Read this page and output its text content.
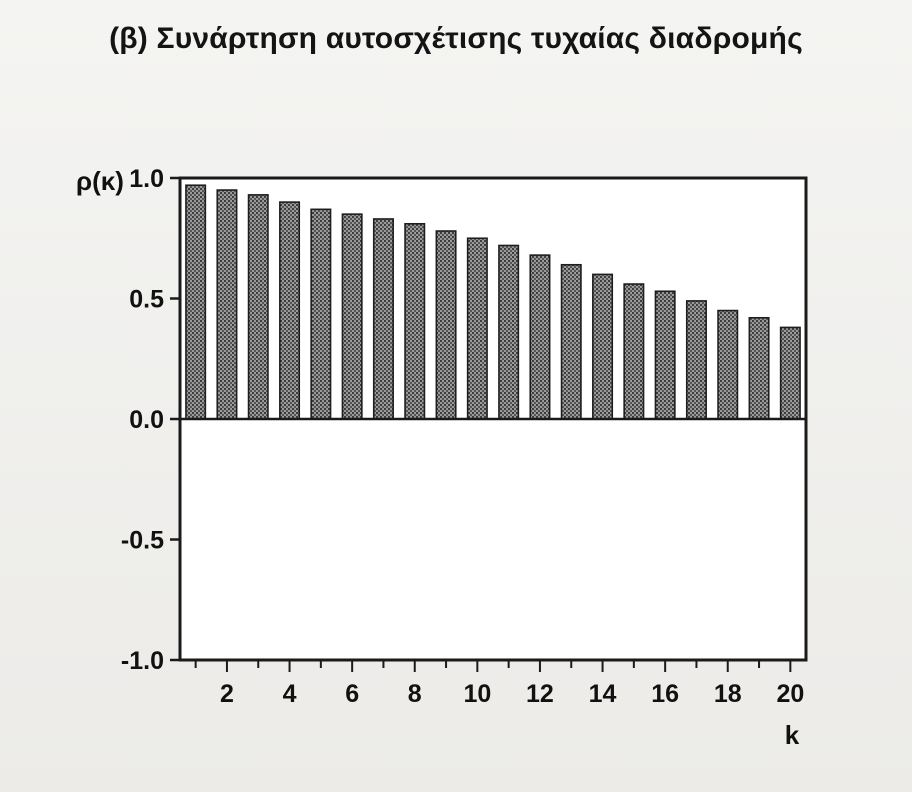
(β) Συνάρτηση αυτοσχέτισης τυχαίας διαδρομής
1.0
0.5
0.0
-0.5
-1.0
2 4 6 8 10 12 14 16 18 20
ρ(κ)
k
